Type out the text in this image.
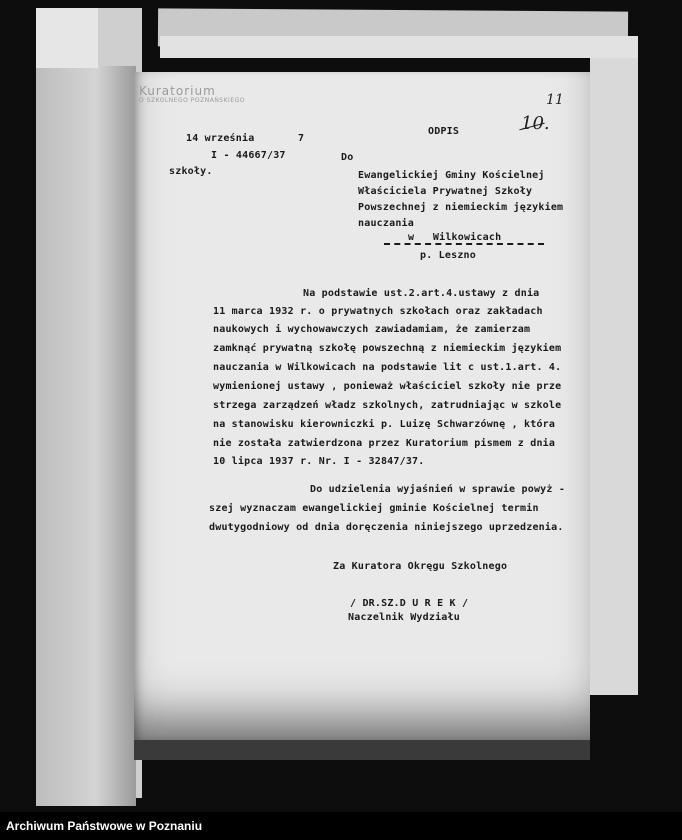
Kuratorium
O SZKOLNEGO POZNAŃSKIEGO	11
10.
14 września	7
I - 44667/37
szkoły.
ODPIS
Do
Ewangelickiej Gminy Kościelnej
Właściciela Prywatnej Szkoły
Powszechnej z niemieckim językiem
nauczania
w   Wilkowicach
p. Leszno
Na podstawie ust.2.art.4.ustawy z dnia
11 marca 1932 r. o prywatnych szkołach oraz zakładach
naukowych i wychowawczych zawiadamiam, że zamierzam
zamknąć prywatną szkołę powszechną z niemieckim językiem
nauczania w Wilkowicach na podstawie lit c ust.1.art. 4.
wymienionej ustawy , ponieważ właściciel szkoły nie prze
strzega zarządzeń władz szkolnych, zatrudniając w szkole
na stanowisku kierowniczki p. Luizę Schwarzównę , która
nie została zatwierdzona przez Kuratorium pismem z dnia
10 lipca 1937 r. Nr. I - 32847/37.
Do udzielenia wyjaśnień w sprawie powyż -
szej wyznaczam ewangelickiej gminie Kościelnej termin
dwutygodniowy od dnia doręczenia niniejszego uprzedzenia.
Za Kuratora Okręgu Szkolnego
/ DR.SZ.D U R E K /
Naczelnik Wydziału
Archiwum Państwowe w Poznaniu
